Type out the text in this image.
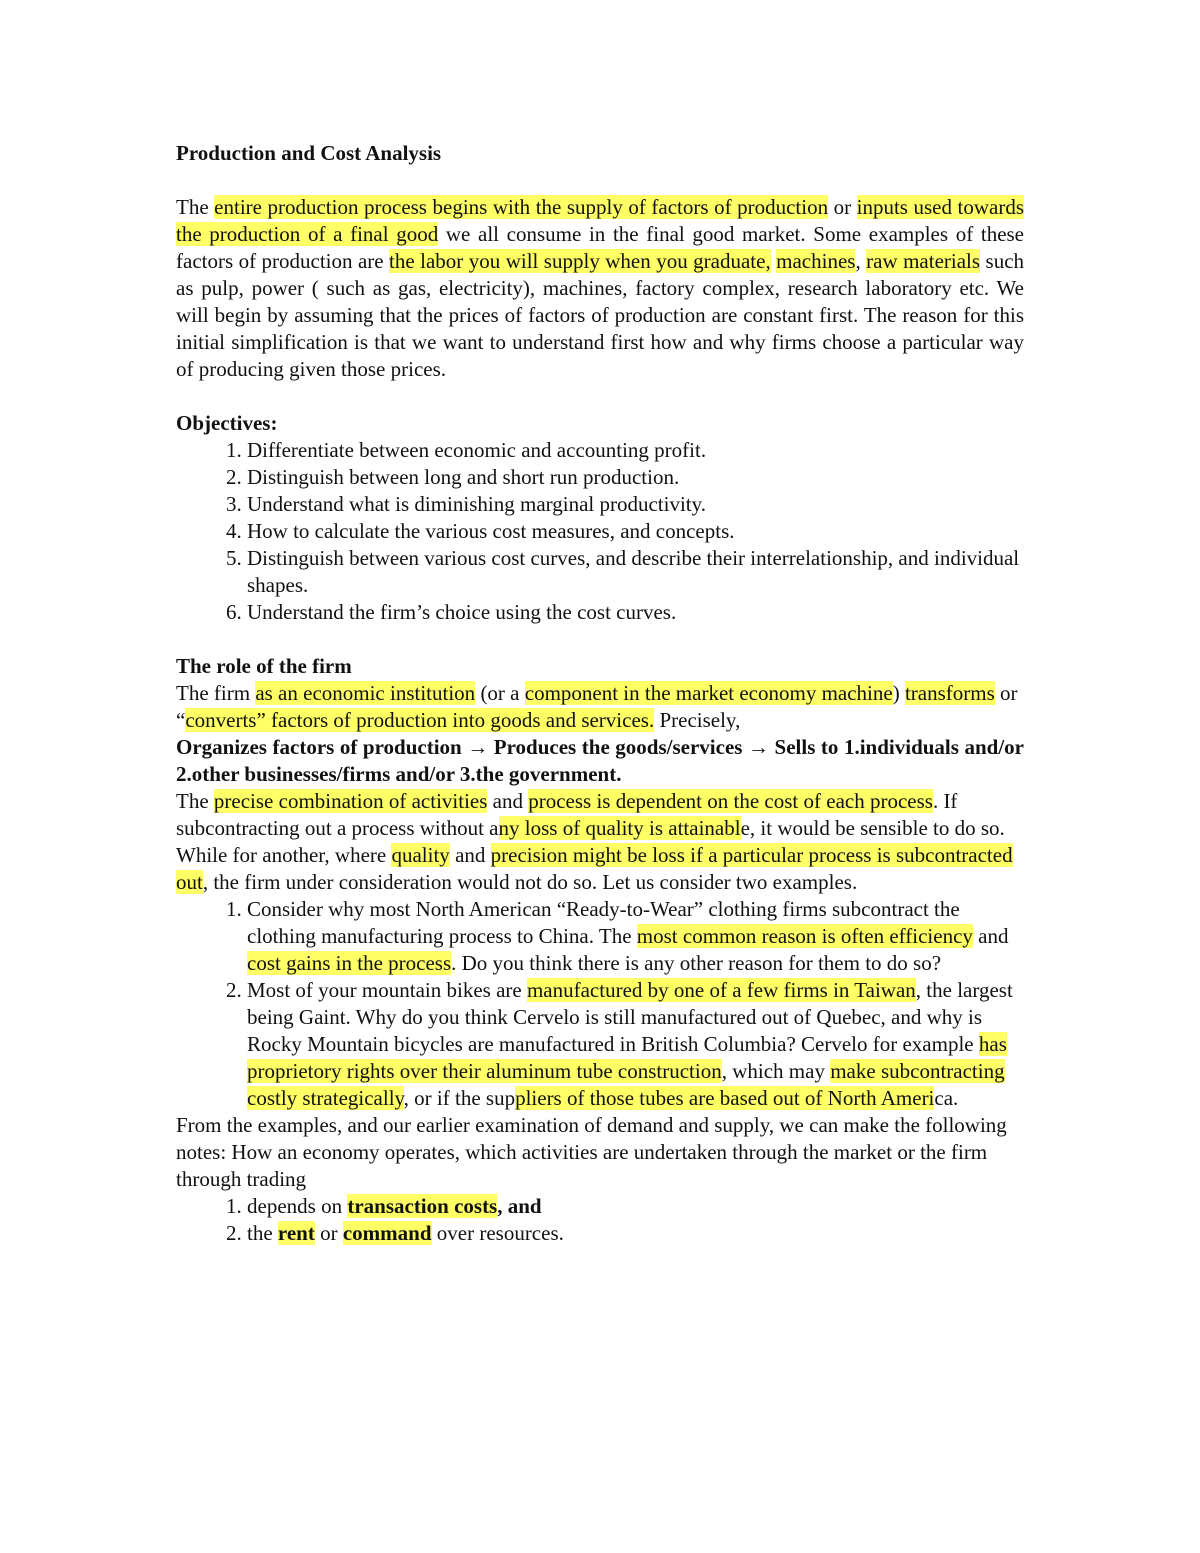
Production and Cost Analysis

The entire production process begins with the supply of factors of production or inputs used towards the production of a final good we all consume in the final good market. Some examples of these factors of production are the labor you will supply when you graduate, machines, raw materials such as pulp, power ( such as gas, electricity), machines, factory complex, research laboratory etc. We will begin by assuming that the prices of factors of production are constant first. The reason for this initial simplification is that we want to understand first how and why firms choose a particular way of producing given those prices.

Objectives:

1. Differentiate between economic and accounting profit.
2. Distinguish between long and short run production.
3. Understand what is diminishing marginal productivity.
4. How to calculate the various cost measures, and concepts.
5. Distinguish between various cost curves, and describe their interrelationship, and individual shapes.
6. Understand the firm’s choice using the cost curves.

The role of the firm

The firm as an economic institution (or a component in the market economy machine) transforms or “converts” factors of production into goods and services. Precisely,

Organizes factors of production → Produces the goods/services → Sells to 1.individuals and/or 2.other businesses/firms and/or 3.the government.

The precise combination of activities and process is dependent on the cost of each process. If subcontracting out a process without any loss of quality is attainable, it would be sensible to do so. While for another, where quality and precision might be loss if a particular process is subcontracted out, the firm under consideration would not do so. Let us consider two examples.

1. Consider why most North American “Ready-to-Wear” clothing firms subcontract the clothing manufacturing process to China. The most common reason is often efficiency and cost gains in the process. Do you think there is any other reason for them to do so?
2. Most of your mountain bikes are manufactured by one of a few firms in Taiwan, the largest being Gaint. Why do you think Cervelo is still manufactured out of Quebec, and why is Rocky Mountain bicycles are manufactured in British Columbia? Cervelo for example has proprietory rights over their aluminum tube construction, which may make subcontracting costly strategically, or if the suppliers of those tubes are based out of North America.

From the examples, and our earlier examination of demand and supply, we can make the following notes: How an economy operates, which activities are undertaken through the market or the firm through trading

1. depends on transaction costs, and
2. the rent or command over resources.
